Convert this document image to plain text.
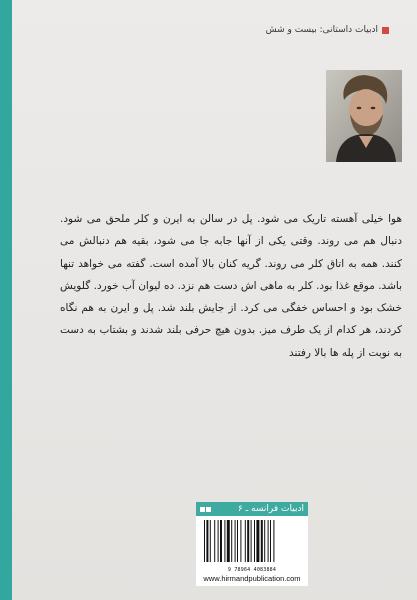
ادبیات داستانی: بیست و شش

هوا خیلی آهسته تاریک می شود. پل در سالن به ایرن و کلر ملحق می شود. دنبال هم می روند. وقتی یکی از آنها جابه جا می شود، بقیه هم دنبالش می کنند. همه به اتاق کلر می روند. گریه کنان بالا آمده است. گفته می خواهد تنها باشد. موقع غذا بود. کلر به ماهی اش دست هم نزد. ده لیوان آب خورد. گلویش خشک بود و احساس خفگی می کرد. از جایش بلند شد. پل و ایرن به هم نگاه کردند، هر کدام از یک طرف میز. بدون هیچ حرفی بلند شدند و بشتاب به دست به نوبت از پله ها بالا رفتند

ادبیات فرانسه ـ ۶
9 78964 4083884
www.hirmandpublication.com
